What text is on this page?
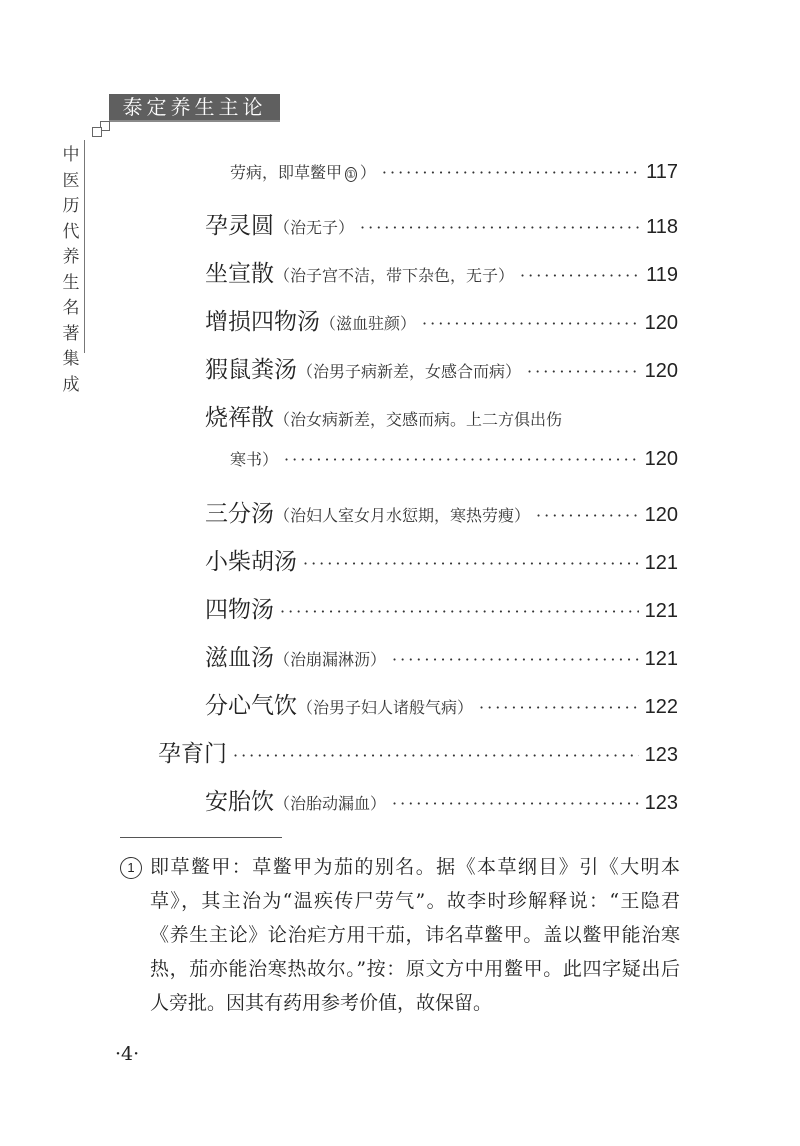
泰定养生主论
中医历代养生名著集成
劳病，即草鳖甲 ① ） ·····	117
孕灵圆 （治无子） ·····	118
坐宣散 （治子宫不洁，带下杂色，无子） ·····	119
增损四物汤 （滋血驻颜） ·····	120
猳鼠粪汤 （治男子病新差，女感合而病） ·····	120
烧裈散 （治女病新差，交感而病。上二方俱出伤
寒书） ·····	120
三分汤 （治妇人室女月水愆期，寒热劳瘦） ·····	120
小柴胡汤 ·····	121
四物汤 ·····	121
滋血汤 （治崩漏淋沥） ·····	121
分心气饮 （治男子妇人诸般气病） ·····	122
孕育门 ·····	123
安胎饮 （治胎动漏血） ·····	123
1 即草鳖甲：草鳖甲为茄的别名。据《本草纲目》引《大明本草》，其主治为“温疾传尸劳气”。故李时珍解释说：“王隐君《养生主论》论治疟方用干茄，讳名草鳖甲。盖以鳖甲能治寒热，茄亦能治寒热故尔。”按：原文方中用鳖甲。此四字疑出后人旁批。因其有药用参考价值，故保留。
·4·
